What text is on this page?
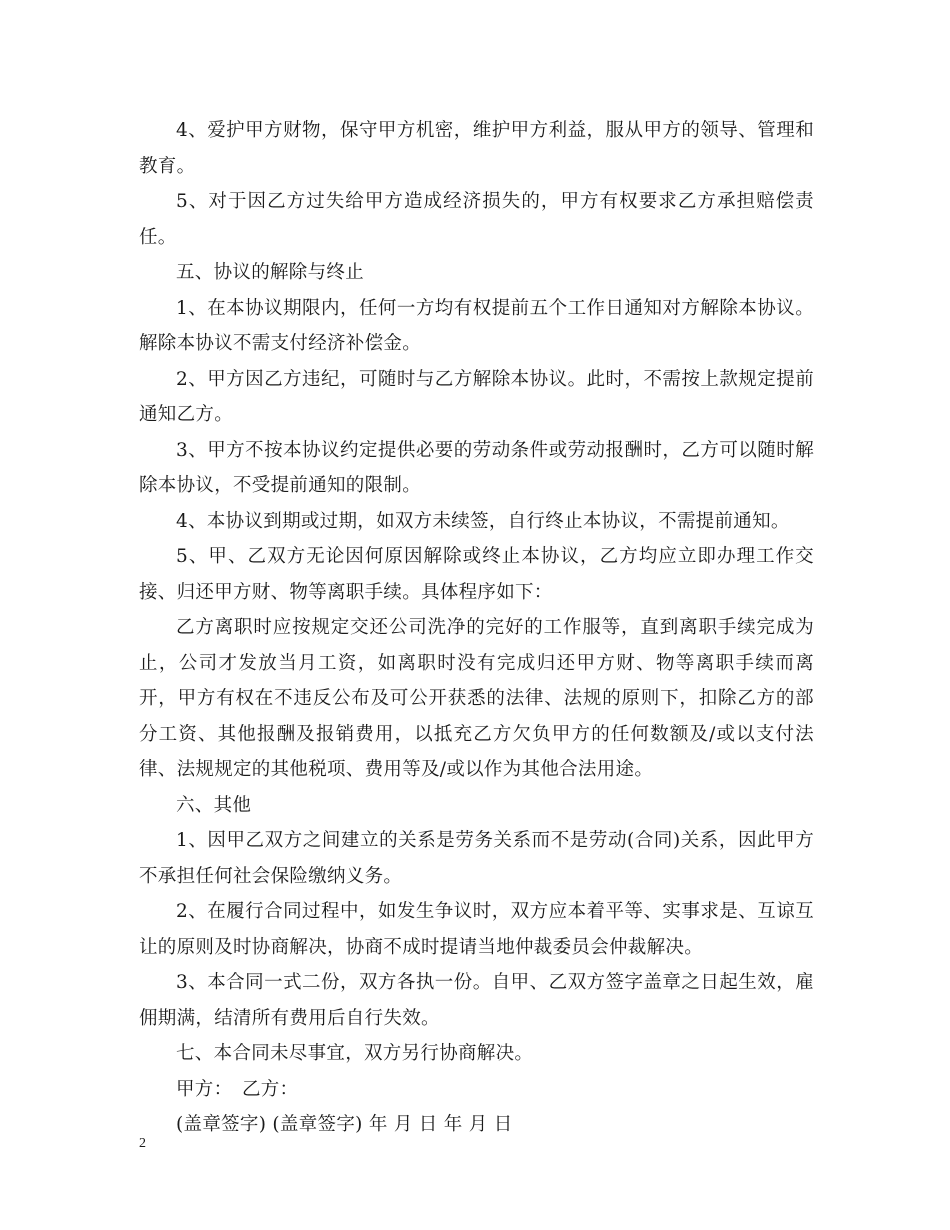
4、爱护甲方财物，保守甲方机密，维护甲方利益，服从甲方的领导、管理和教育。

5、对于因乙方过失给甲方造成经济损失的，甲方有权要求乙方承担赔偿责任。

五、协议的解除与终止

1、在本协议期限内，任何一方均有权提前五个工作日通知对方解除本协议。解除本协议不需支付经济补偿金。

2、甲方因乙方违纪，可随时与乙方解除本协议。此时，不需按上款规定提前通知乙方。

3、甲方不按本协议约定提供必要的劳动条件或劳动报酬时，乙方可以随时解除本协议，不受提前通知的限制。

4、本协议到期或过期，如双方未续签，自行终止本协议，不需提前通知。

5、甲、乙双方无论因何原因解除或终止本协议，乙方均应立即办理工作交接、归还甲方财、物等离职手续。具体程序如下：

乙方离职时应按规定交还公司洗净的完好的工作服等，直到离职手续完成为止，公司才发放当月工资，如离职时没有完成归还甲方财、物等离职手续而离开，甲方有权在不违反公布及可公开获悉的法律、法规的原则下，扣除乙方的部分工资、其他报酬及报销费用，以抵充乙方欠负甲方的任何数额及/或以支付法律、法规规定的其他税项、费用等及/或以作为其他合法用途。

六、其他

1、因甲乙双方之间建立的关系是劳务关系而不是劳动(合同)关系，因此甲方不承担任何社会保险缴纳义务。

2、在履行合同过程中，如发生争议时，双方应本着平等、实事求是、互谅互让的原则及时协商解决，协商不成时提请当地仲裁委员会仲裁解决。

3、本合同一式二份，双方各执一份。自甲、乙双方签字盖章之日起生效，雇佣期满，结清所有费用后自行失效。

七、本合同未尽事宜，双方另行协商解决。

甲方：　乙方：

(盖章签字) (盖章签字) 年 月 日 年 月 日

2
